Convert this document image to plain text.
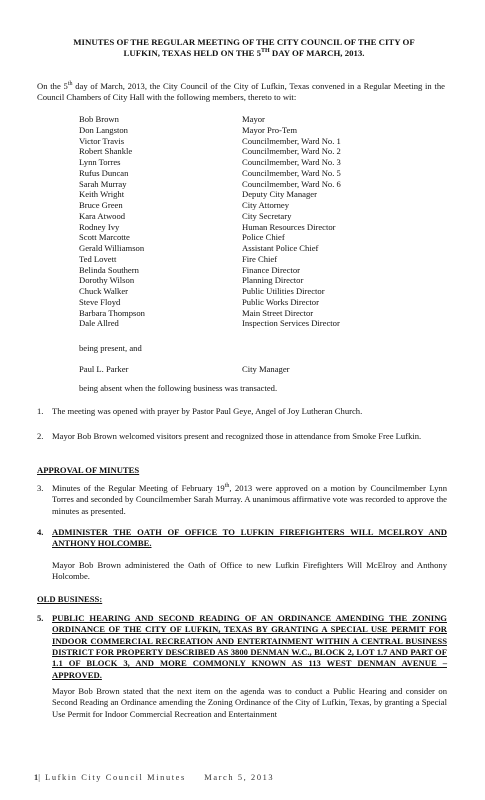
MINUTES OF THE REGULAR MEETING OF THE CITY COUNCIL OF THE CITY OF
LUFKIN, TEXAS HELD ON THE 5TH DAY OF MARCH, 2013.
On the 5th day of March, 2013, the City Council of the City of Lufkin, Texas convened in a Regular Meeting in the Council Chambers of City Hall with the following members, thereto to wit:
Bob Brown	Mayor
Don Langston	Mayor Pro-Tem
Victor Travis	Councilmember, Ward No. 1
Robert Shankle	Councilmember, Ward No. 2
Lynn Torres	Councilmember, Ward No. 3
Rufus Duncan	Councilmember, Ward No. 5
Sarah Murray	Councilmember, Ward No. 6
Keith Wright	Deputy City Manager
Bruce Green	City Attorney
Kara Atwood	City Secretary
Rodney Ivy	Human Resources Director
Scott Marcotte	Police Chief
Gerald Williamson	Assistant Police Chief
Ted Lovett	Fire Chief
Belinda Southern	Finance Director
Dorothy Wilson	Planning Director
Chuck Walker	Public Utilities Director
Steve Floyd	Public Works Director
Barbara Thompson	Main Street Director
Dale Allred	Inspection Services Director
being present, and
Paul L. Parker	City Manager
being absent when the following business was transacted.
1. The meeting was opened with prayer by Pastor Paul Geye, Angel of Joy Lutheran Church.
2. Mayor Bob Brown welcomed visitors present and recognized those in attendance from Smoke Free Lufkin.
APPROVAL OF MINUTES
3. Minutes of the Regular Meeting of February 19th, 2013 were approved on a motion by Councilmember Lynn Torres and seconded by Councilmember Sarah Murray. A unanimous affirmative vote was recorded to approve the minutes as presented.
4. ADMINISTER THE OATH OF OFFICE TO LUFKIN FIREFIGHTERS WILL MCELROY AND ANTHONY HOLCOMBE.
Mayor Bob Brown administered the Oath of Office to new Lufkin Firefighters Will McElroy and Anthony Holcombe.
OLD BUSINESS:
5. PUBLIC HEARING AND SECOND READING OF AN ORDINANCE AMENDING THE ZONING ORDINANCE OF THE CITY OF LUFKIN, TEXAS BY GRANTING A SPECIAL USE PERMIT FOR INDOOR COMMERCIAL RECREATION AND ENTERTAINMENT WITHIN A CENTRAL BUSINESS DISTRICT FOR PROPERTY DESCRIBED AS 3800 DENMAN W.C., BLOCK 2, LOT 1.7 AND PART OF 1.1 OF BLOCK 3, AND MORE COMMONLY KNOWN AS 113 WEST DENMAN AVENUE – APPROVED.
Mayor Bob Brown stated that the next item on the agenda was to conduct a Public Hearing and consider on Second Reading an Ordinance amending the Zoning Ordinance of the City of Lufkin, Texas, by granting a Special Use Permit for Indoor Commercial Recreation and Entertainment
1| Lufkin City Council Minutes     March 5, 2013
